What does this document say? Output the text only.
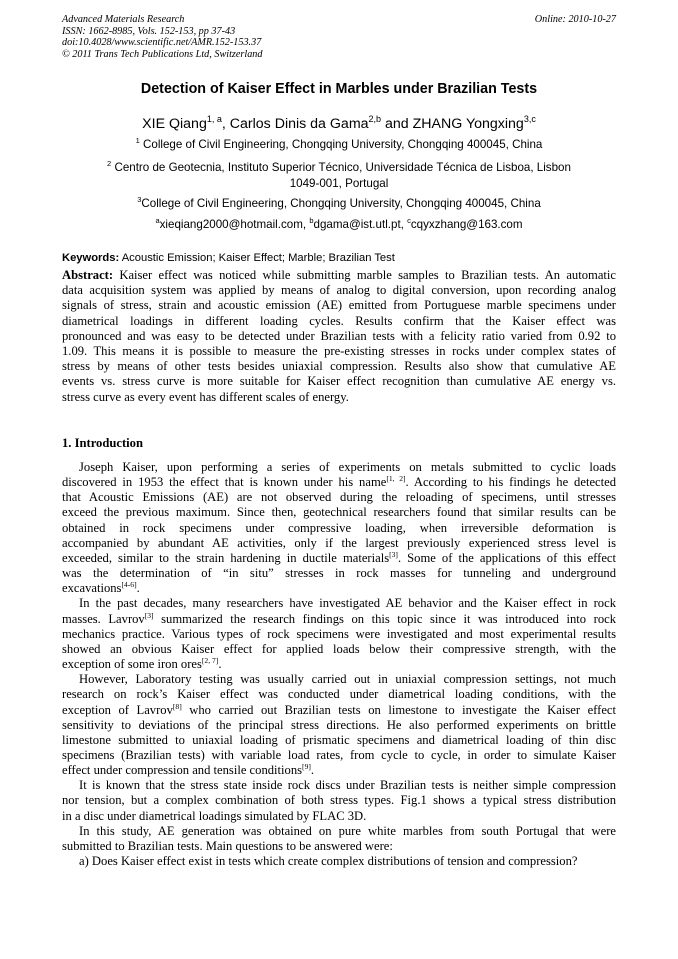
Advanced Materials Research
ISSN: 1662-8985, Vols. 152-153, pp 37-43
doi:10.4028/www.scientific.net/AMR.152-153.37
© 2011 Trans Tech Publications Ltd, Switzerland
Online: 2010-10-27
Detection of Kaiser Effect in Marbles under Brazilian Tests
XIE Qiang$^{1, a}$, Carlos Dinis da Gama$^{2,b}$ and ZHANG Yongxing$^{3,c}$
$^1$ College of Civil Engineering, Chongqing University, Chongqing 400045, China
$^2$ Centro de Geotecnia, Instituto Superior Técnico, Universidade Técnica de Lisboa, Lisbon
1049-001, Portugal
$^3$College of Civil Engineering, Chongqing University, Chongqing 400045, China
$^a$xieqiang2000@hotmail.com, $^b$dgama@ist.utl.pt, $^c$cqyxzhang@163.com
Keywords: Acoustic Emission; Kaiser Effect; Marble; Brazilian Test
Abstract: Kaiser effect was noticed while submitting marble samples to Brazilian tests. An automatic
data acquisition system was applied by means of analog to digital conversion, upon recording analog
signals of stress, strain and acoustic emission (AE) emitted from Portuguese marble specimens under
diametrical loadings in different loading cycles. Results confirm that the Kaiser effect was
pronounced and was easy to be detected under Brazilian tests with a felicity ratio varied from 0.92 to
1.09. This means it is possible to measure the pre-existing stresses in rocks under complex states of
stress by means of other tests besides uniaxial compression. Results also show that cumulative AE
events vs. stress curve is more suitable for Kaiser effect recognition than cumulative AE energy vs.
stress curve as every event has different scales of energy.
1. Introduction
Joseph Kaiser, upon performing a series of experiments on metals submitted to cyclic loads
discovered in 1953 the effect that is known under his name[1, 2]. According to his findings he detected
that Acoustic Emissions (AE) are not observed during the reloading of specimens, until stresses
exceed the previous maximum. Since then, geotechnical researchers found that similar results can be
obtained in rock specimens under compressive loading, when irreversible deformation is
accompanied by abundant AE activities, only if the largest previously experienced stress level is
exceeded, similar to the strain hardening in ductile materials[3]. Some of the applications of this effect
was the determination of “in situ” stresses in rock masses for tunneling and underground
excavations[4-6].
In the past decades, many researchers have investigated AE behavior and the Kaiser effect in rock
masses. Lavrov[3] summarized the research findings on this topic since it was introduced into rock
mechanics practice. Various types of rock specimens were investigated and most experimental results
showed an obvious Kaiser effect for applied loads below their compressive strength, with the
exception of some iron ores[2, 7].
However, Laboratory testing was usually carried out in uniaxial compression settings, not much
research on rock’s Kaiser effect was conducted under diametrical loading conditions, with the
exception of Lavrov[8] who carried out Brazilian tests on limestone to investigate the Kaiser effect
sensitivity to deviations of the principal stress directions. He also performed experiments on brittle
limestone submitted to uniaxial loading of prismatic specimens and diametrical loading of thin disc
specimens (Brazilian tests) with variable load rates, from cycle to cycle, in order to simulate Kaiser
effect under compression and tensile conditions[9].
It is known that the stress state inside rock discs under Brazilian tests is neither simple compression
nor tension, but a complex combination of both stress types. Fig.1 shows a typical stress distribution
in a disc under diametrical loadings simulated by FLAC 3D.
In this study, AE generation was obtained on pure white marbles from south Portugal that were
submitted to Brazilian tests. Main questions to be answered were:
a) Does Kaiser effect exist in tests which create complex distributions of tension and compression?
